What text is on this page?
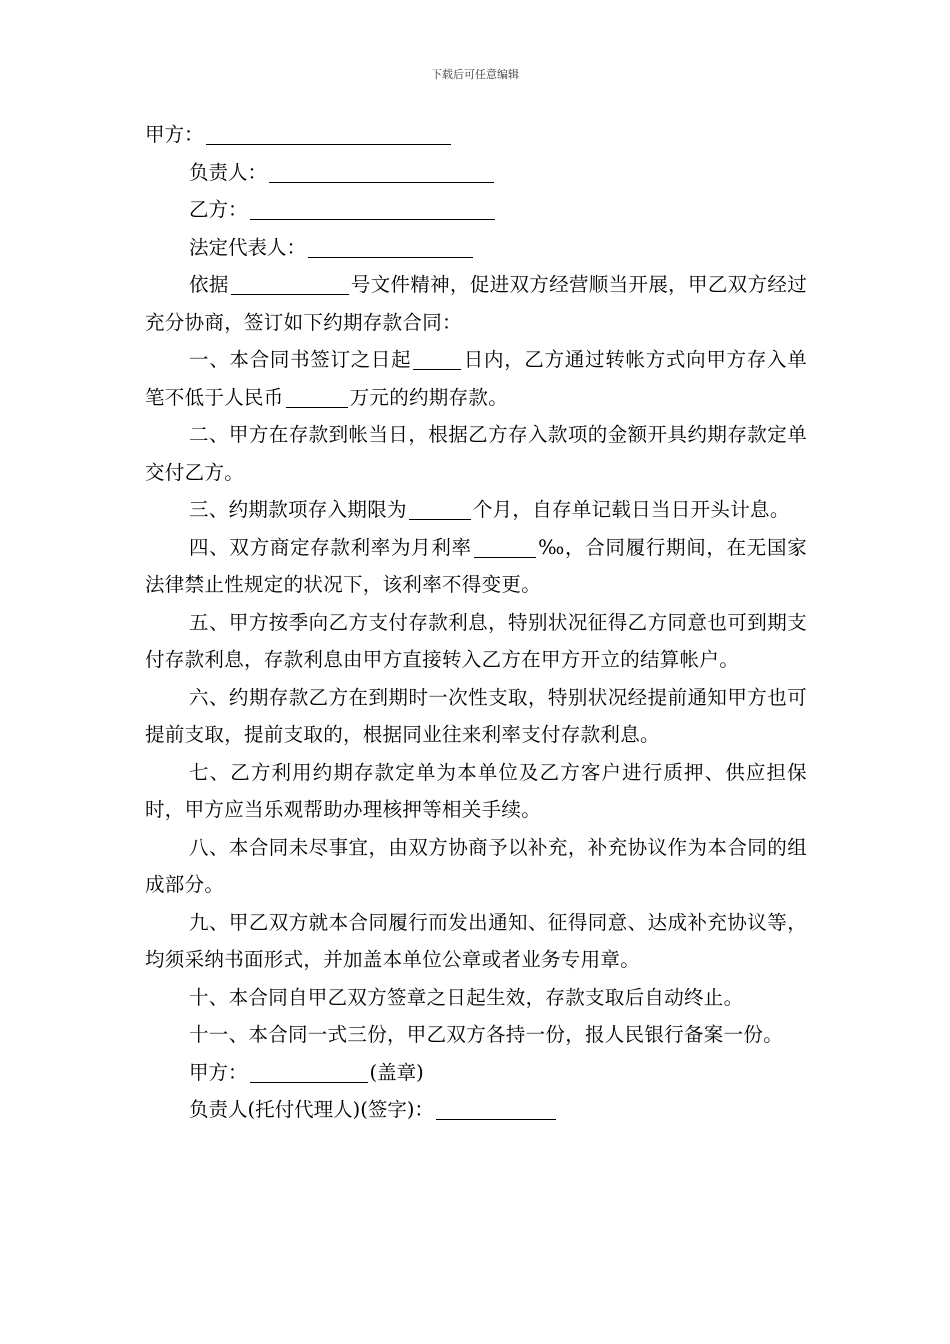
下载后可任意编辑
甲方：
负责人：
乙方：
法定代表人：
依据	号文件精神，促进双方经营顺当开展，甲乙双方经过充分协商，签订如下约期存款合同：
一、本合同书签订之日起	日内，乙方通过转帐方式向甲方存入单笔不低于人民币	万元的约期存款。
二、甲方在存款到帐当日，根据乙方存入款项的金额开具约期存款定单交付乙方。
三、约期款项存入期限为	个月，自存单记载日当日开头计息。
四、双方商定存款利率为月利率	‰，合同履行期间，在无国家法律禁止性规定的状况下，该利率不得变更。
五、甲方按季向乙方支付存款利息，特别状况征得乙方同意也可到期支付存款利息，存款利息由甲方直接转入乙方在甲方开立的结算帐户。
六、约期存款乙方在到期时一次性支取，特别状况经提前通知甲方也可提前支取，提前支取的，根据同业往来利率支付存款利息。
七、乙方利用约期存款定单为本单位及乙方客户进行质押、供应担保时，甲方应当乐观帮助办理核押等相关手续。
八、本合同未尽事宜，由双方协商予以补充，补充协议作为本合同的组成部分。
九、甲乙双方就本合同履行而发出通知、征得同意、达成补充协议等，均须采纳书面形式，并加盖本单位公章或者业务专用章。
十、本合同自甲乙双方签章之日起生效，存款支取后自动终止。
十一、本合同一式三份，甲乙双方各持一份，报人民银行备案一份。
甲方：	(盖章)
负责人(托付代理人)(签字)：
